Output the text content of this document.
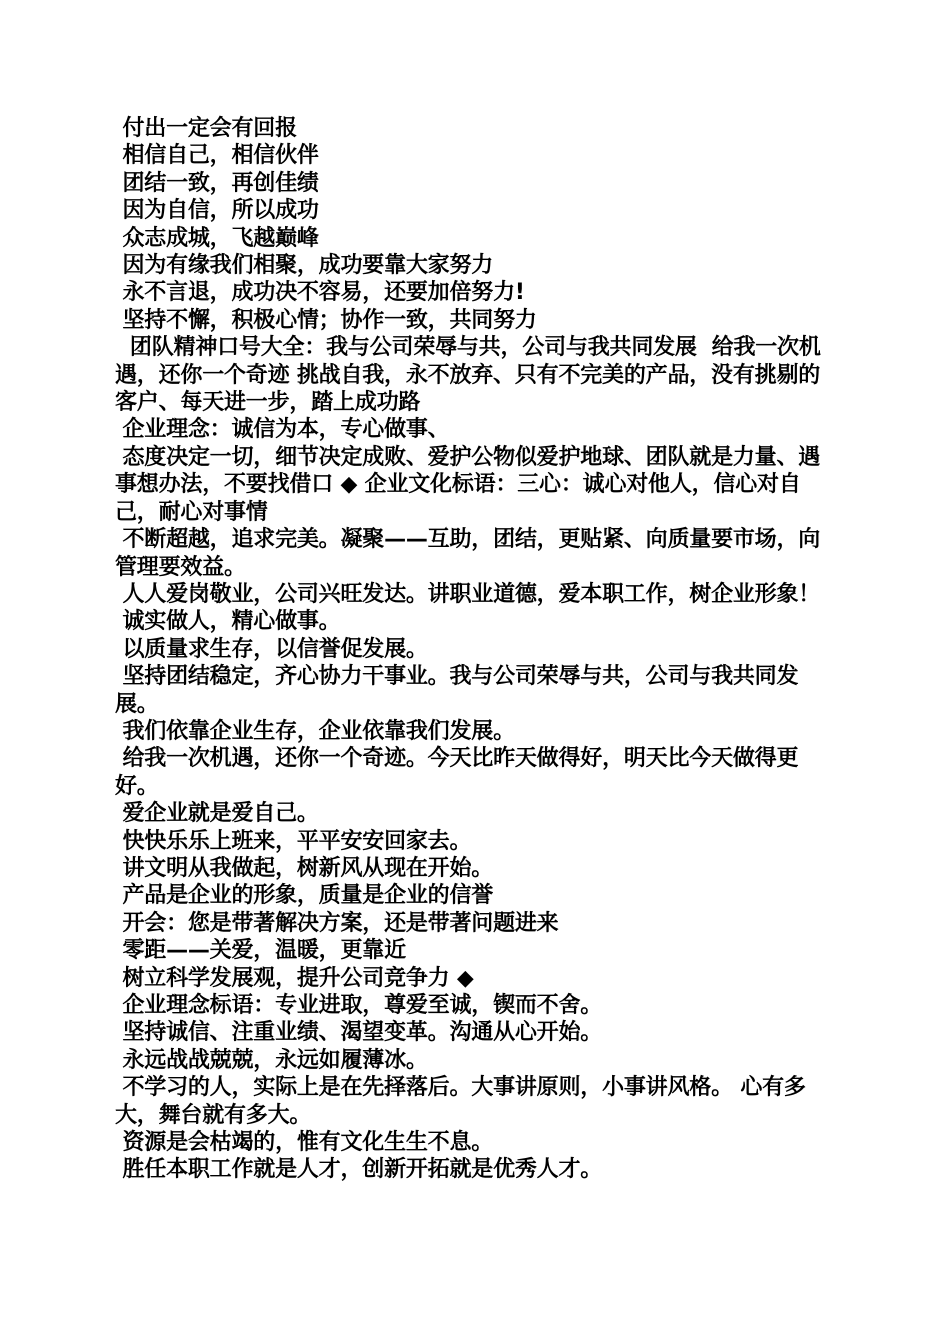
付出一定会有回报

相信自己，相信伙伴

团结一致，再创佳绩

因为自信，所以成功

众志成城，飞越巅峰

因为有缘我们相聚，成功要靠大家努力

永不言退，成功决不容易，还要加倍努力!

坚持不懈，积极心情；协作一致，共同努力

团队精神口号大全：我与公司荣辱与共，公司与我共同发展  给我一次机遇，还你一个奇迹 挑战自我，永不放弃、只有不完美的产品，没有挑剔的客户、每天进一步，踏上成功路

企业理念：诚信为本，专心做事、

态度决定一切，细节决定成败、爱护公物似爱护地球、团队就是力量、遇事想办法，不要找借口 ◆ 企业文化标语：三心：诚心对他人，信心对自己，耐心对事情

不断超越，追求完美。凝聚——互助，团结，更贴紧、向质量要市场，向管理要效益。

人人爱岗敬业，公司兴旺发达。讲职业道德，爱本职工作，树企业形象！

诚实做人，精心做事。

以质量求生存，以信誉促发展。

坚持团结稳定，齐心协力干事业。我与公司荣辱与共，公司与我共同发展。

我们依靠企业生存，企业依靠我们发展。

给我一次机遇，还你一个奇迹。今天比昨天做得好，明天比今天做得更好。

爱企业就是爱自己。

快快乐乐上班来，平平安安回家去。

讲文明从我做起，树新风从现在开始。

产品是企业的形象，质量是企业的信誉

开会：您是带著解决方案，还是带著问题进来

零距——关爱，温暖，更靠近

树立科学发展观，提升公司竞争力 ◆

企业理念标语：专业进取，尊爱至诚，锲而不舍。

坚持诚信、注重业绩、渴望变革。沟通从心开始。

永远战战兢兢，永远如履薄冰。

不学习的人，实际上是在先择落后。大事讲原则，小事讲风格。 心有多大，舞台就有多大。

资源是会枯竭的，惟有文化生生不息。

胜任本职工作就是人才，创新开拓就是优秀人才。
